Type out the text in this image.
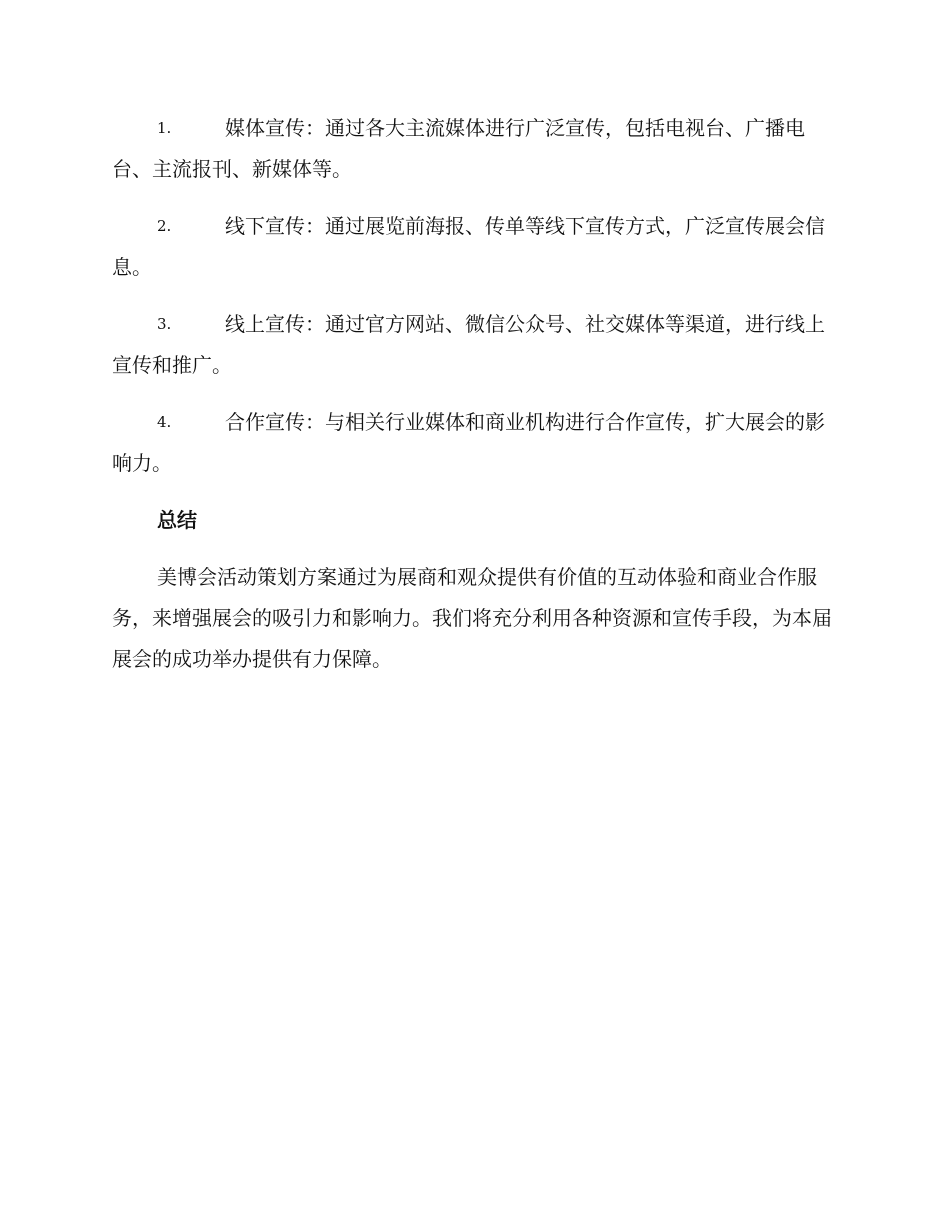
1.	媒体宣传：通过各大主流媒体进行广泛宣传，包括电视台、广播电台、主流报刊、新媒体等。
2.	线下宣传：通过展览前海报、传单等线下宣传方式，广泛宣传展会信息。
3.	线上宣传：通过官方网站、微信公众号、社交媒体等渠道，进行线上宣传和推广。
4.	合作宣传：与相关行业媒体和商业机构进行合作宣传，扩大展会的影响力。
总结

美博会活动策划方案通过为展商和观众提供有价值的互动体验和商业合作服务，来增强展会的吸引力和影响力。我们将充分利用各种资源和宣传手段，为本届展会的成功举办提供有力保障。
